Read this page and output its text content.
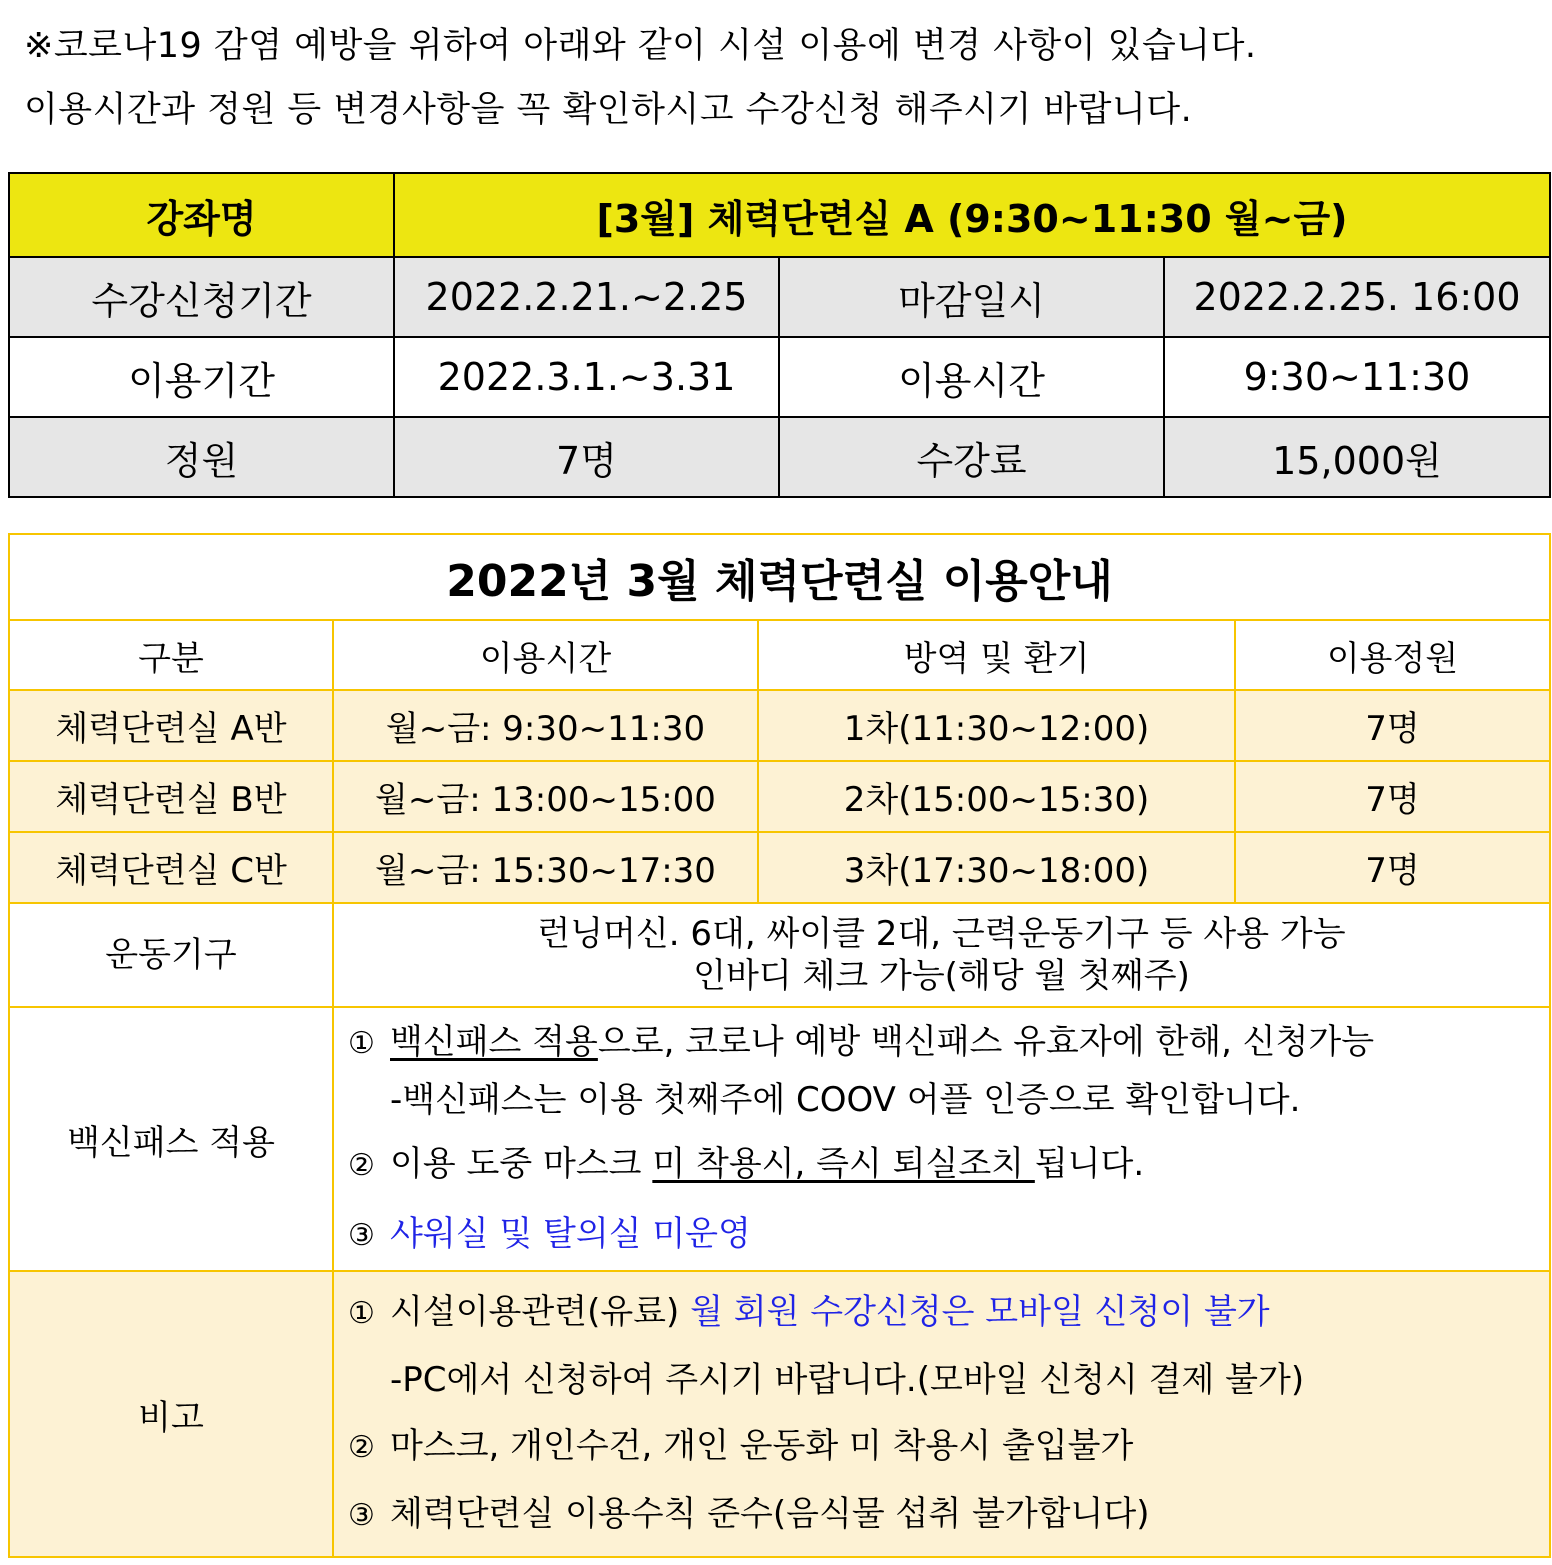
※코로나19 감염 예방을 위하여 아래와 같이 시설 이용에 변경 사항이 있습니다.
이용시간과 정원 등 변경사항을 꼭 확인하시고 수강신청 해주시기 바랍니다.
강좌명	[3월] 체력단련실 A (9:30~11:30 월~금)		
수강신청기간	2022.2.21.~2.25	마감일시	2022.2.25. 16:00
이용기간	2022.3.1.~3.31	이용시간	9:30~11:30
정원	7명	수강료	15,000원
2022년 3월 체력단련실 이용안내			
구분	이용시간	방역 및 환기	이용정원
체력단련실 A반	월~금: 9:30~11:30	1차(11:30~12:00)	7명
체력단련실 B반	월~금: 13:00~15:00	2차(15:00~15:30)	7명
체력단련실 C반	월~금: 15:30~17:30	3차(17:30~18:00)	7명
운동기구	런닝머신. 6대, 싸이클 2대, 근력운동기구 등 사용 가능
인바디 체크 가능(해당 월 첫째주)		

백신패스 적용	① 백신패스 적용으로, 코로나 예방 백신패스 유효자에 한해, 신청가능
-백신패스는 이용 첫째주에 COOV 어플 인증으로 확인합니다.
② 이용 도중 마스크 미 착용시, 즉시 퇴실조치 됩니다.
③ 샤워실 및 탈의실 미운영		

비고	① 시설이용관련(유료) 월 회원 수강신청은 모바일 신청이 불가
-PC에서 신청하여 주시기 바랍니다.(모바일 신청시 결제 불가)
② 마스크, 개인수건, 개인 운동화 미 착용시 출입불가
③ 체력단련실 이용수칙 준수(음식물 섭취 불가합니다)		
